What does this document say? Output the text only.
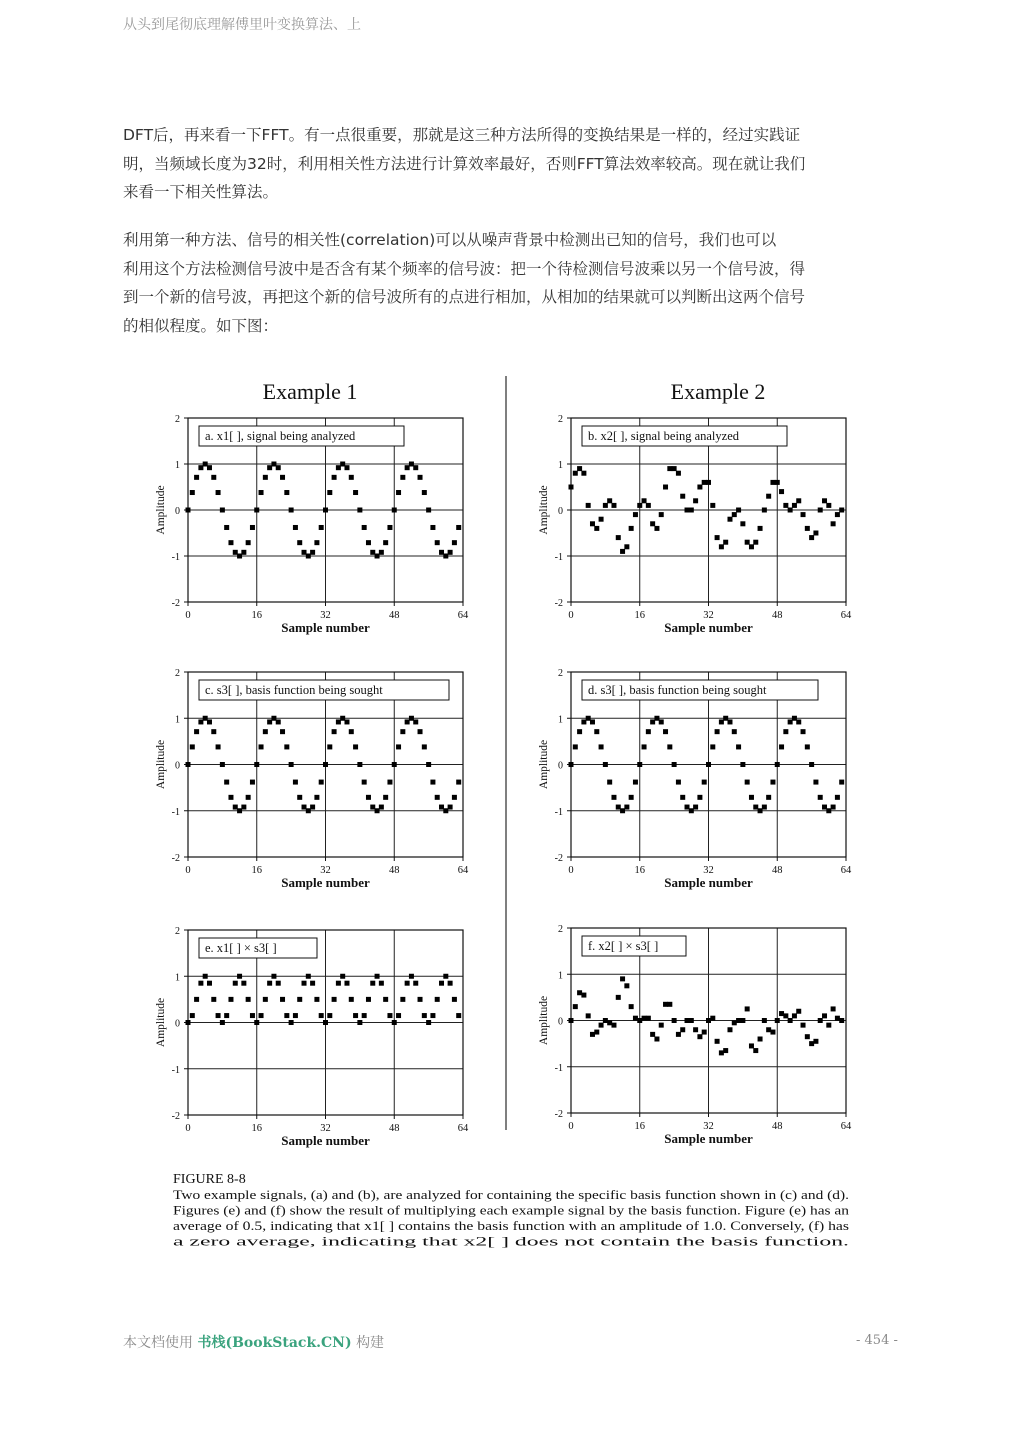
从头到尾彻底理解傅里叶变换算法、上
DFT后，再来看一下FFT。有一点很重要，那就是这三种方法所得的变换结果是一样的，经过实践证
明，当频域长度为32时，利用相关性方法进行计算效率最好，否则FFT算法效率较高。现在就让我们
来看一下相关性算法。
利用第一种方法、信号的相关性(correlation)可以从噪声背景中检测出已知的信号，我们也可以
利用这个方法检测信号波中是否含有某个频率的信号波：把一个待检测信号波乘以另一个信号波，得
到一个新的信号波，再把这个新的信号波所有的点进行相加，从相加的结果就可以判断出这两个信号
的相似程度。如下图：
Example 1	Example 2
2
1
0
-1
-2
0	16	32	48	64
Sample number
Amplitude
a. x1[ ], signal being analyzed
2
1
0
-1
-2
0	16	32	48	64
Sample number
Amplitude
b. x2[ ], signal being analyzed
2
1
0
-1
-2
0	16	32	48	64
Sample number
Amplitude
c. s3[ ], basis function being sought
2
1
0
-1
-2
0	16	32	48	64
Sample number
Amplitude
d. s3[ ], basis function being sought
2
1
0
-1
-2
0	16	32	48	64
Sample number
Amplitude
e. x1[ ] × s3[ ]
2
1
0
-1
-2
0	16	32	48	64
Sample number
Amplitude
f. x2[ ] × s3[ ]
FIGURE 8-8
Two example signals, (a) and (b), are analyzed for containing the specific basis function shown in (c) and (d).
Figures (e) and (f) show the result of multiplying each example signal by the basis function. Figure (e) has an
average of 0.5, indicating that x1[ ] contains the basis function with an amplitude of 1.0. Conversely, (f) has
a zero average, indicating that x2[ ] does not contain the basis function.
本文档使用 书栈(BookStack.CN) 构建	- 454 -
